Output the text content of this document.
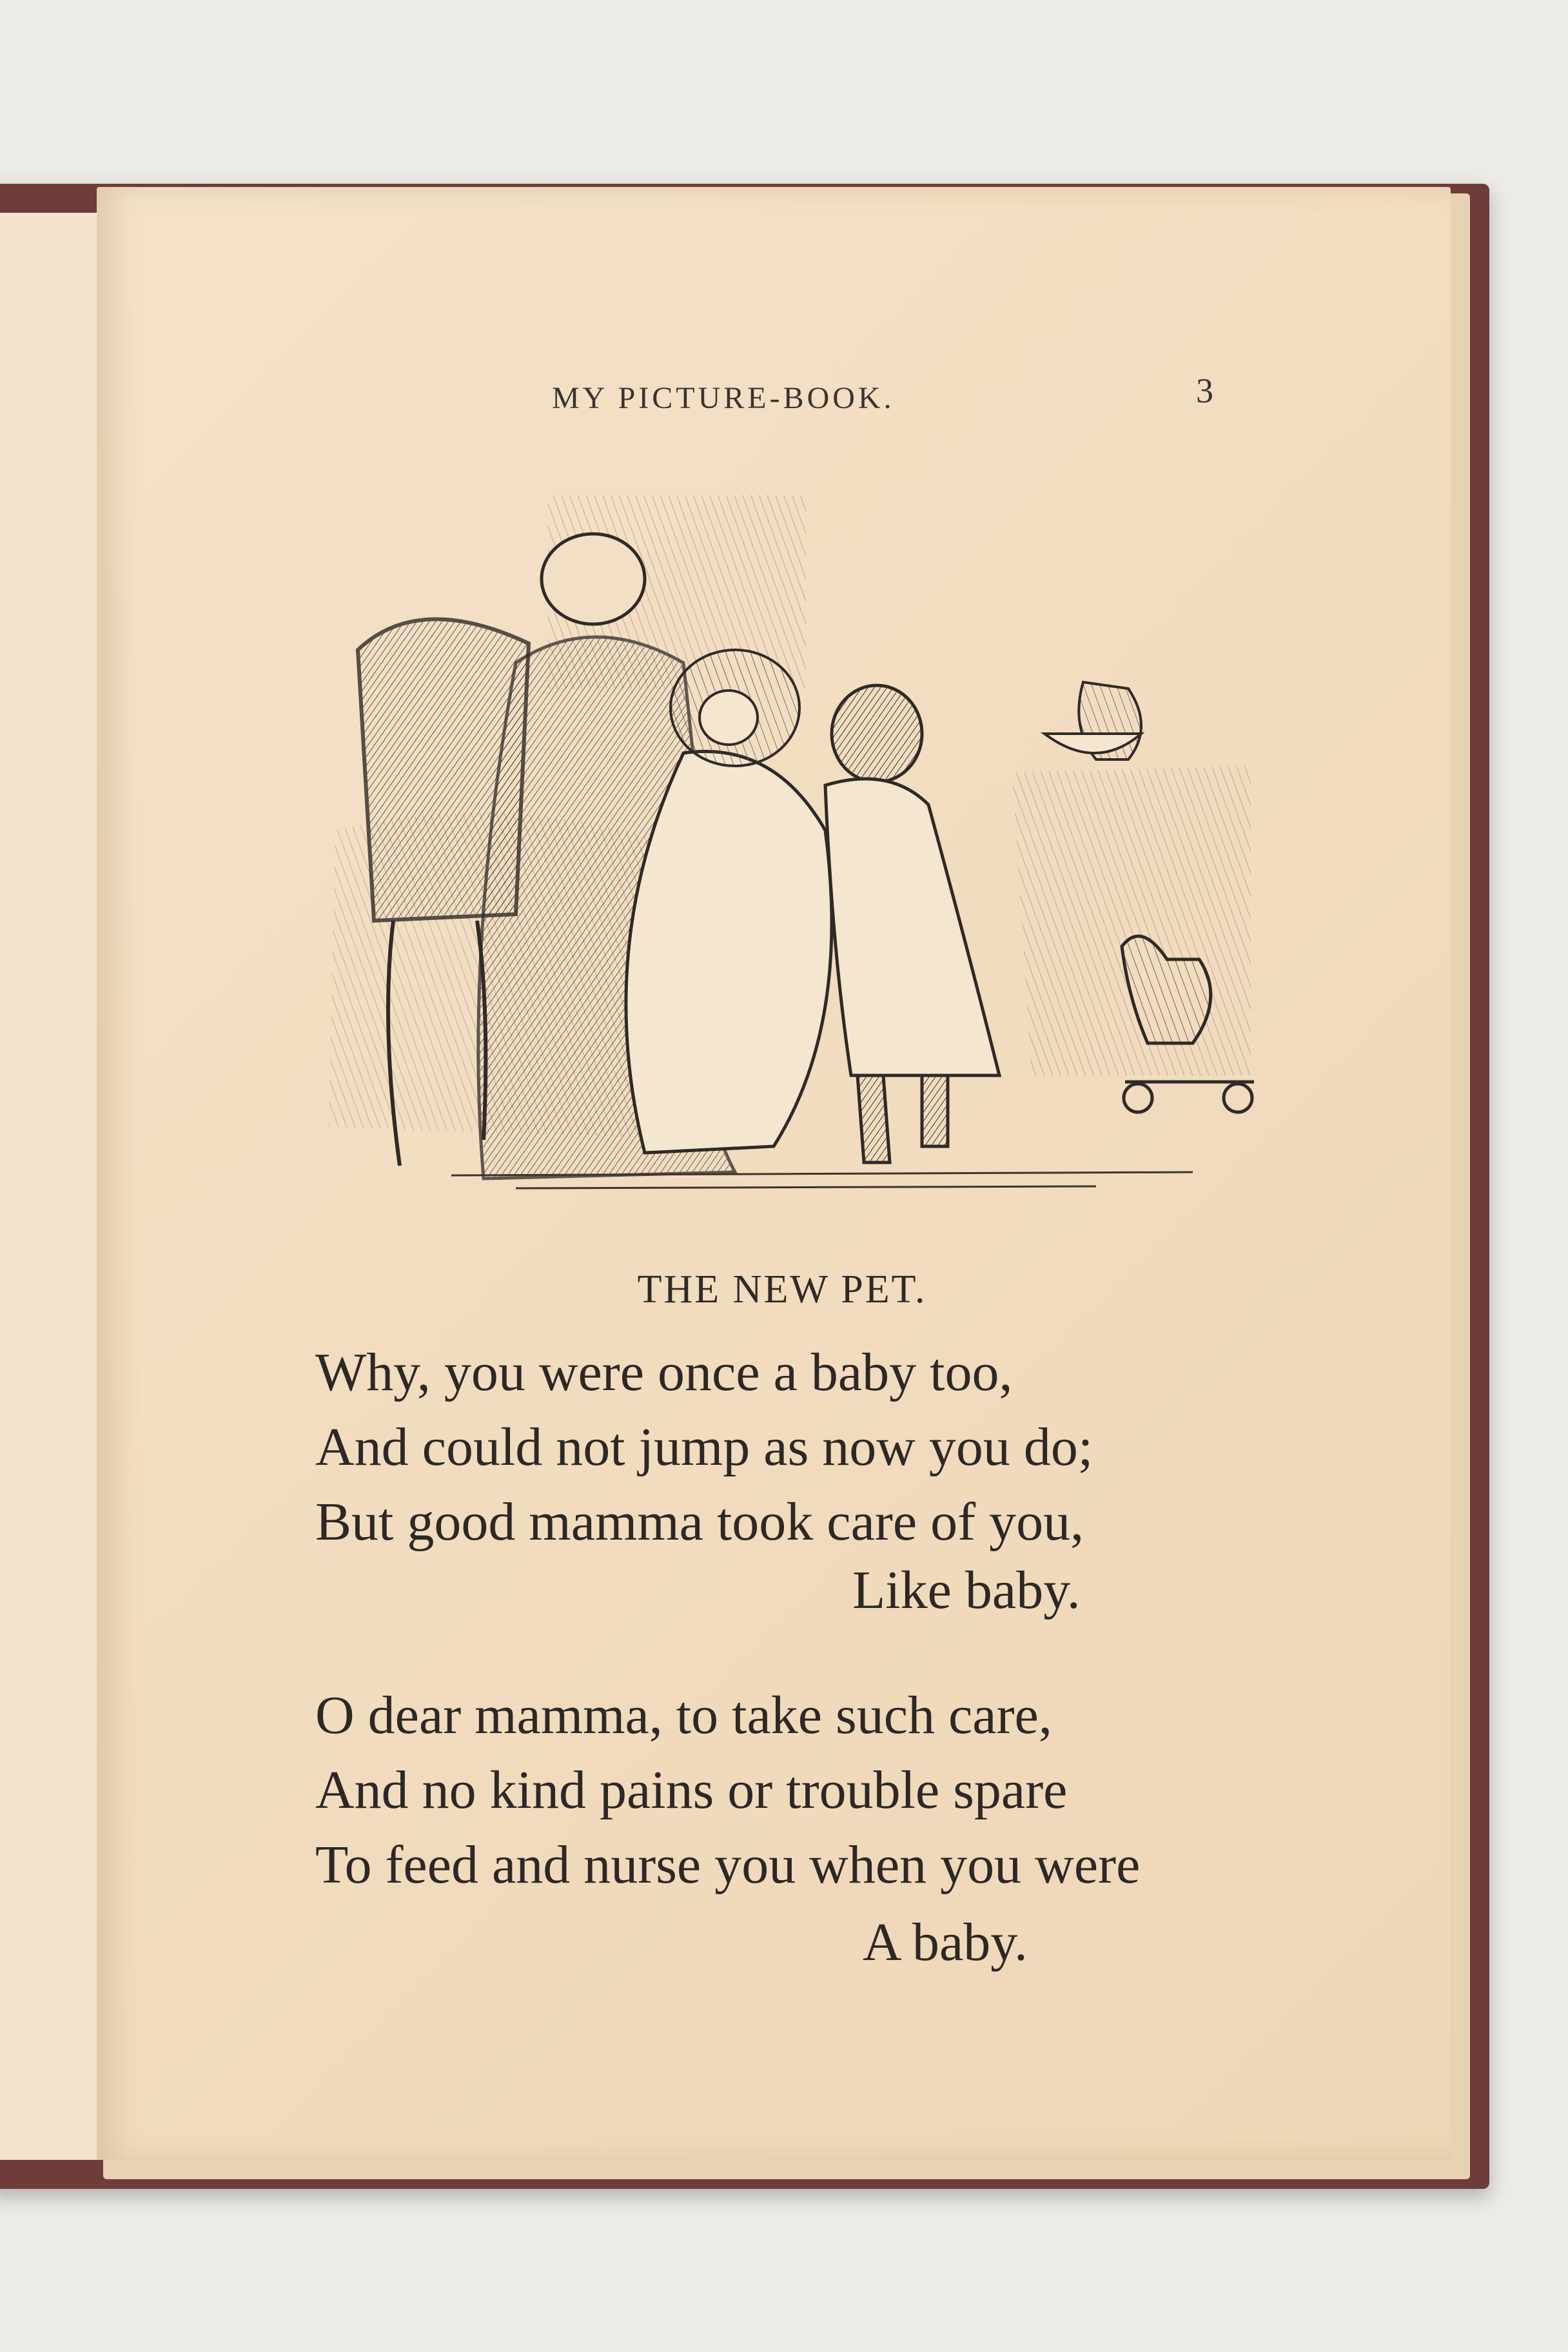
MY PICTURE-BOOK.	3
THE NEW PET.
Why, you were once a baby too,
And could not jump as now you do;
But good mamma took care of you,
Like baby.
O dear mamma, to take such care,
And no kind pains or trouble spare
To feed and nurse you when you were
A baby.
